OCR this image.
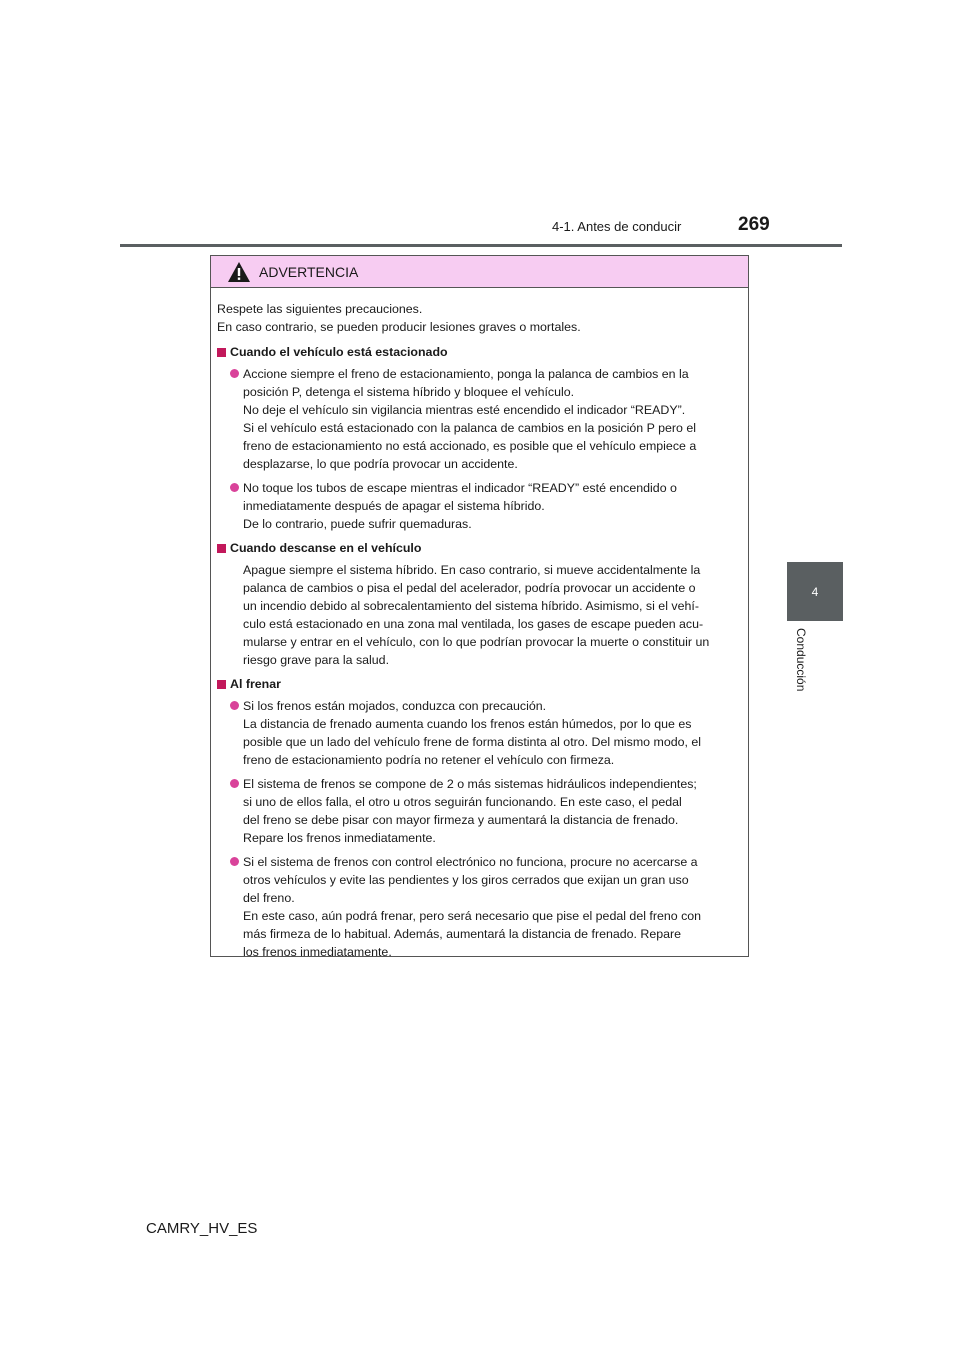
4-1. Antes de conducir	269
4
Conducción
ADVERTENCIA

Respete las siguientes precauciones.
En caso contrario, se pueden producir lesiones graves o mortales.

Cuando el vehículo está estacionado

Accione siempre el freno de estacionamiento, ponga la palanca de cambios en la
posición P, detenga el sistema híbrido y bloquee el vehículo.
No deje el vehículo sin vigilancia mientras esté encendido el indicador “READY”.
Si el vehículo está estacionado con la palanca de cambios en la posición P pero el
freno de estacionamiento no está accionado, es posible que el vehículo empiece a
desplazarse, lo que podría provocar un accidente.

No toque los tubos de escape mientras el indicador “READY” esté encendido o
inmediatamente después de apagar el sistema híbrido.
De lo contrario, puede sufrir quemaduras.

Cuando descanse en el vehículo

Apague siempre el sistema híbrido. En caso contrario, si mueve accidentalmente la
palanca de cambios o pisa el pedal del acelerador, podría provocar un accidente o
un incendio debido al sobrecalentamiento del sistema híbrido. Asimismo, si el vehí-
culo está estacionado en una zona mal ventilada, los gases de escape pueden acu-
mularse y entrar en el vehículo, con lo que podrían provocar la muerte o constituir un
riesgo grave para la salud.

Al frenar

Si los frenos están mojados, conduzca con precaución.
La distancia de frenado aumenta cuando los frenos están húmedos, por lo que es
posible que un lado del vehículo frene de forma distinta al otro. Del mismo modo, el
freno de estacionamiento podría no retener el vehículo con firmeza.

El sistema de frenos se compone de 2 o más sistemas hidráulicos independientes;
si uno de ellos falla, el otro u otros seguirán funcionando. En este caso, el pedal
del freno se debe pisar con mayor firmeza y aumentará la distancia de frenado.
Repare los frenos inmediatamente.

Si el sistema de frenos con control electrónico no funciona, procure no acercarse a
otros vehículos y evite las pendientes y los giros cerrados que exijan un gran uso
del freno.
En este caso, aún podrá frenar, pero será necesario que pise el pedal del freno con
más firmeza de lo habitual. Además, aumentará la distancia de frenado. Repare
los frenos inmediatamente.

CAMRY_HV_ES
